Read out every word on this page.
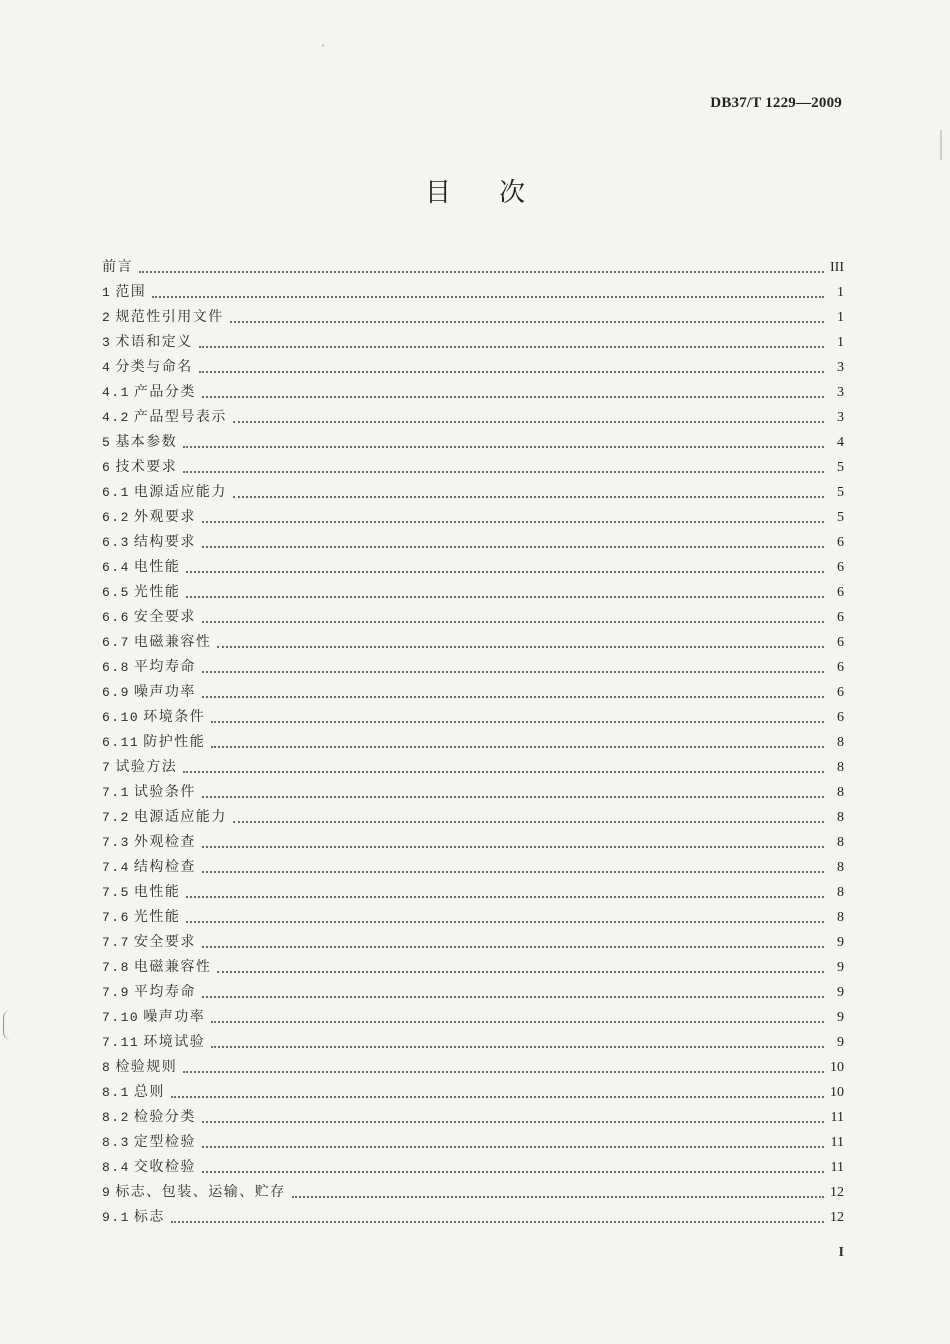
DB37/T 1229—2009
目次
前言	III
1 范围	1
2 规范性引用文件	1
3 术语和定义	1
4 分类与命名	3
4.1 产品分类	3
4.2 产品型号表示	3
5 基本参数	4
6 技术要求	5
6.1 电源适应能力	5
6.2 外观要求	5
6.3 结构要求	6
6.4 电性能	6
6.5 光性能	6
6.6 安全要求	6
6.7 电磁兼容性	6
6.8 平均寿命	6
6.9 噪声功率	6
6.10 环境条件	6
6.11 防护性能	8
7 试验方法	8
7.1 试验条件	8
7.2 电源适应能力	8
7.3 外观检查	8
7.4 结构检查	8
7.5 电性能	8
7.6 光性能	8
7.7 安全要求	9
7.8 电磁兼容性	9
7.9 平均寿命	9
7.10 噪声功率	9
7.11 环境试验	9
8 检验规则	10
8.1 总则	10
8.2 检验分类	11
8.3 定型检验	11
8.4 交收检验	11
9 标志、包装、运输、贮存	12
9.1 标志	12
I
